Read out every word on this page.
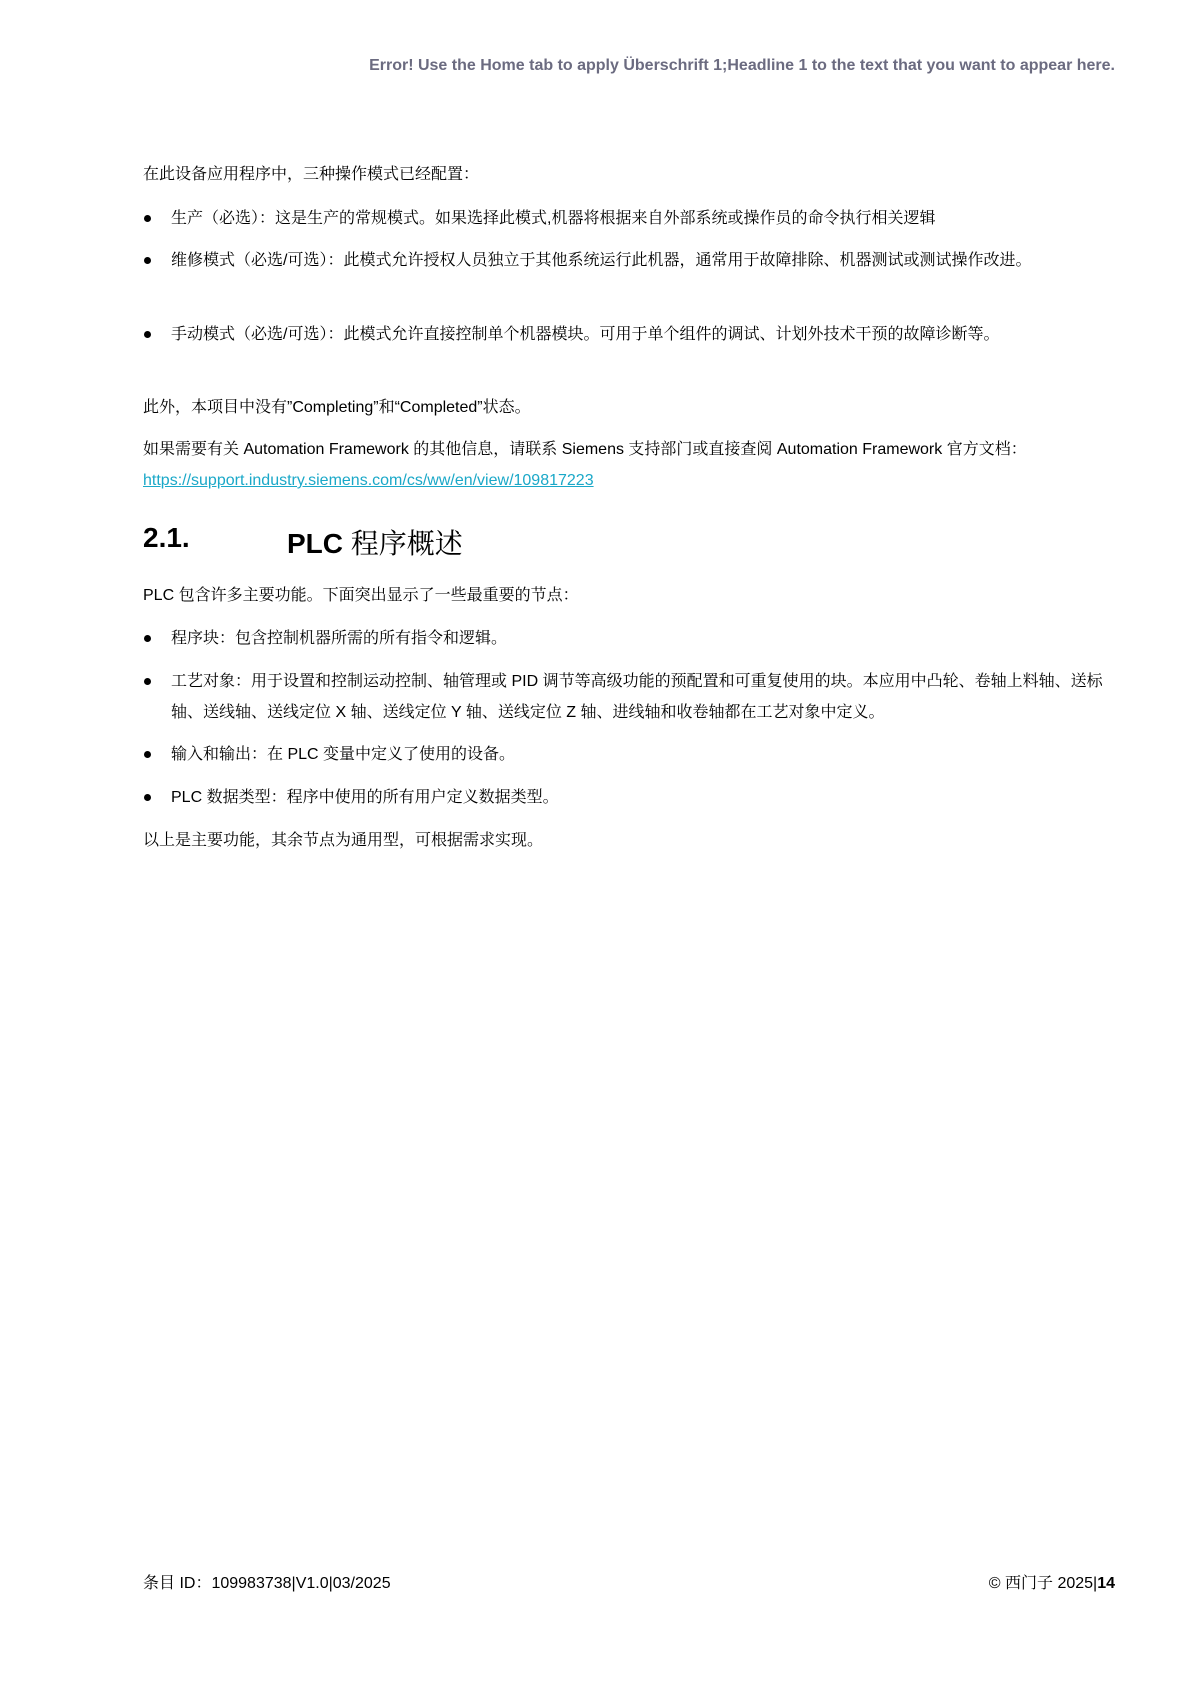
Error! Use the Home tab to apply Überschrift 1;Headline 1 to the text that you want to appear here.
在此设备应用程序中，三种操作模式已经配置：
生产（必选）：这是生产的常规模式。如果选择此模式,机器将根据来自外部系统或操作员的命令执行相关逻辑
维修模式（必选/可选）：此模式允许授权人员独立于其他系统运行此机器，通常用于故障排除、机器测试或测试操作改进。
手动模式（必选/可选）：此模式允许直接控制单个机器模块。可用于单个组件的调试、计划外技术干预的故障诊断等。
此外，本项目中没有”Completing”和“Completed”状态。
如果需要有关 Automation Framework 的其他信息，请联系 Siemens 支持部门或直接查阅 Automation Framework 官方文档：https://support.industry.siemens.com/cs/ww/en/view/109817223
2.1.	PLC 程序概述
PLC 包含许多主要功能。下面突出显示了一些最重要的节点：
程序块：包含控制机器所需的所有指令和逻辑。
工艺对象：用于设置和控制运动控制、轴管理或 PID 调节等高级功能的预配置和可重复使用的块。本应用中凸轮、卷轴上料轴、送标轴、送线轴、送线定位 X 轴、送线定位 Y 轴、送线定位 Z 轴、进线轴和收卷轴都在工艺对象中定义。
输入和输出：在 PLC 变量中定义了使用的设备。
PLC 数据类型：程序中使用的所有用户定义数据类型。
以上是主要功能，其余节点为通用型，可根据需求实现。
条目 ID：109983738|V1.0|03/2025	© 西门子 2025|14
